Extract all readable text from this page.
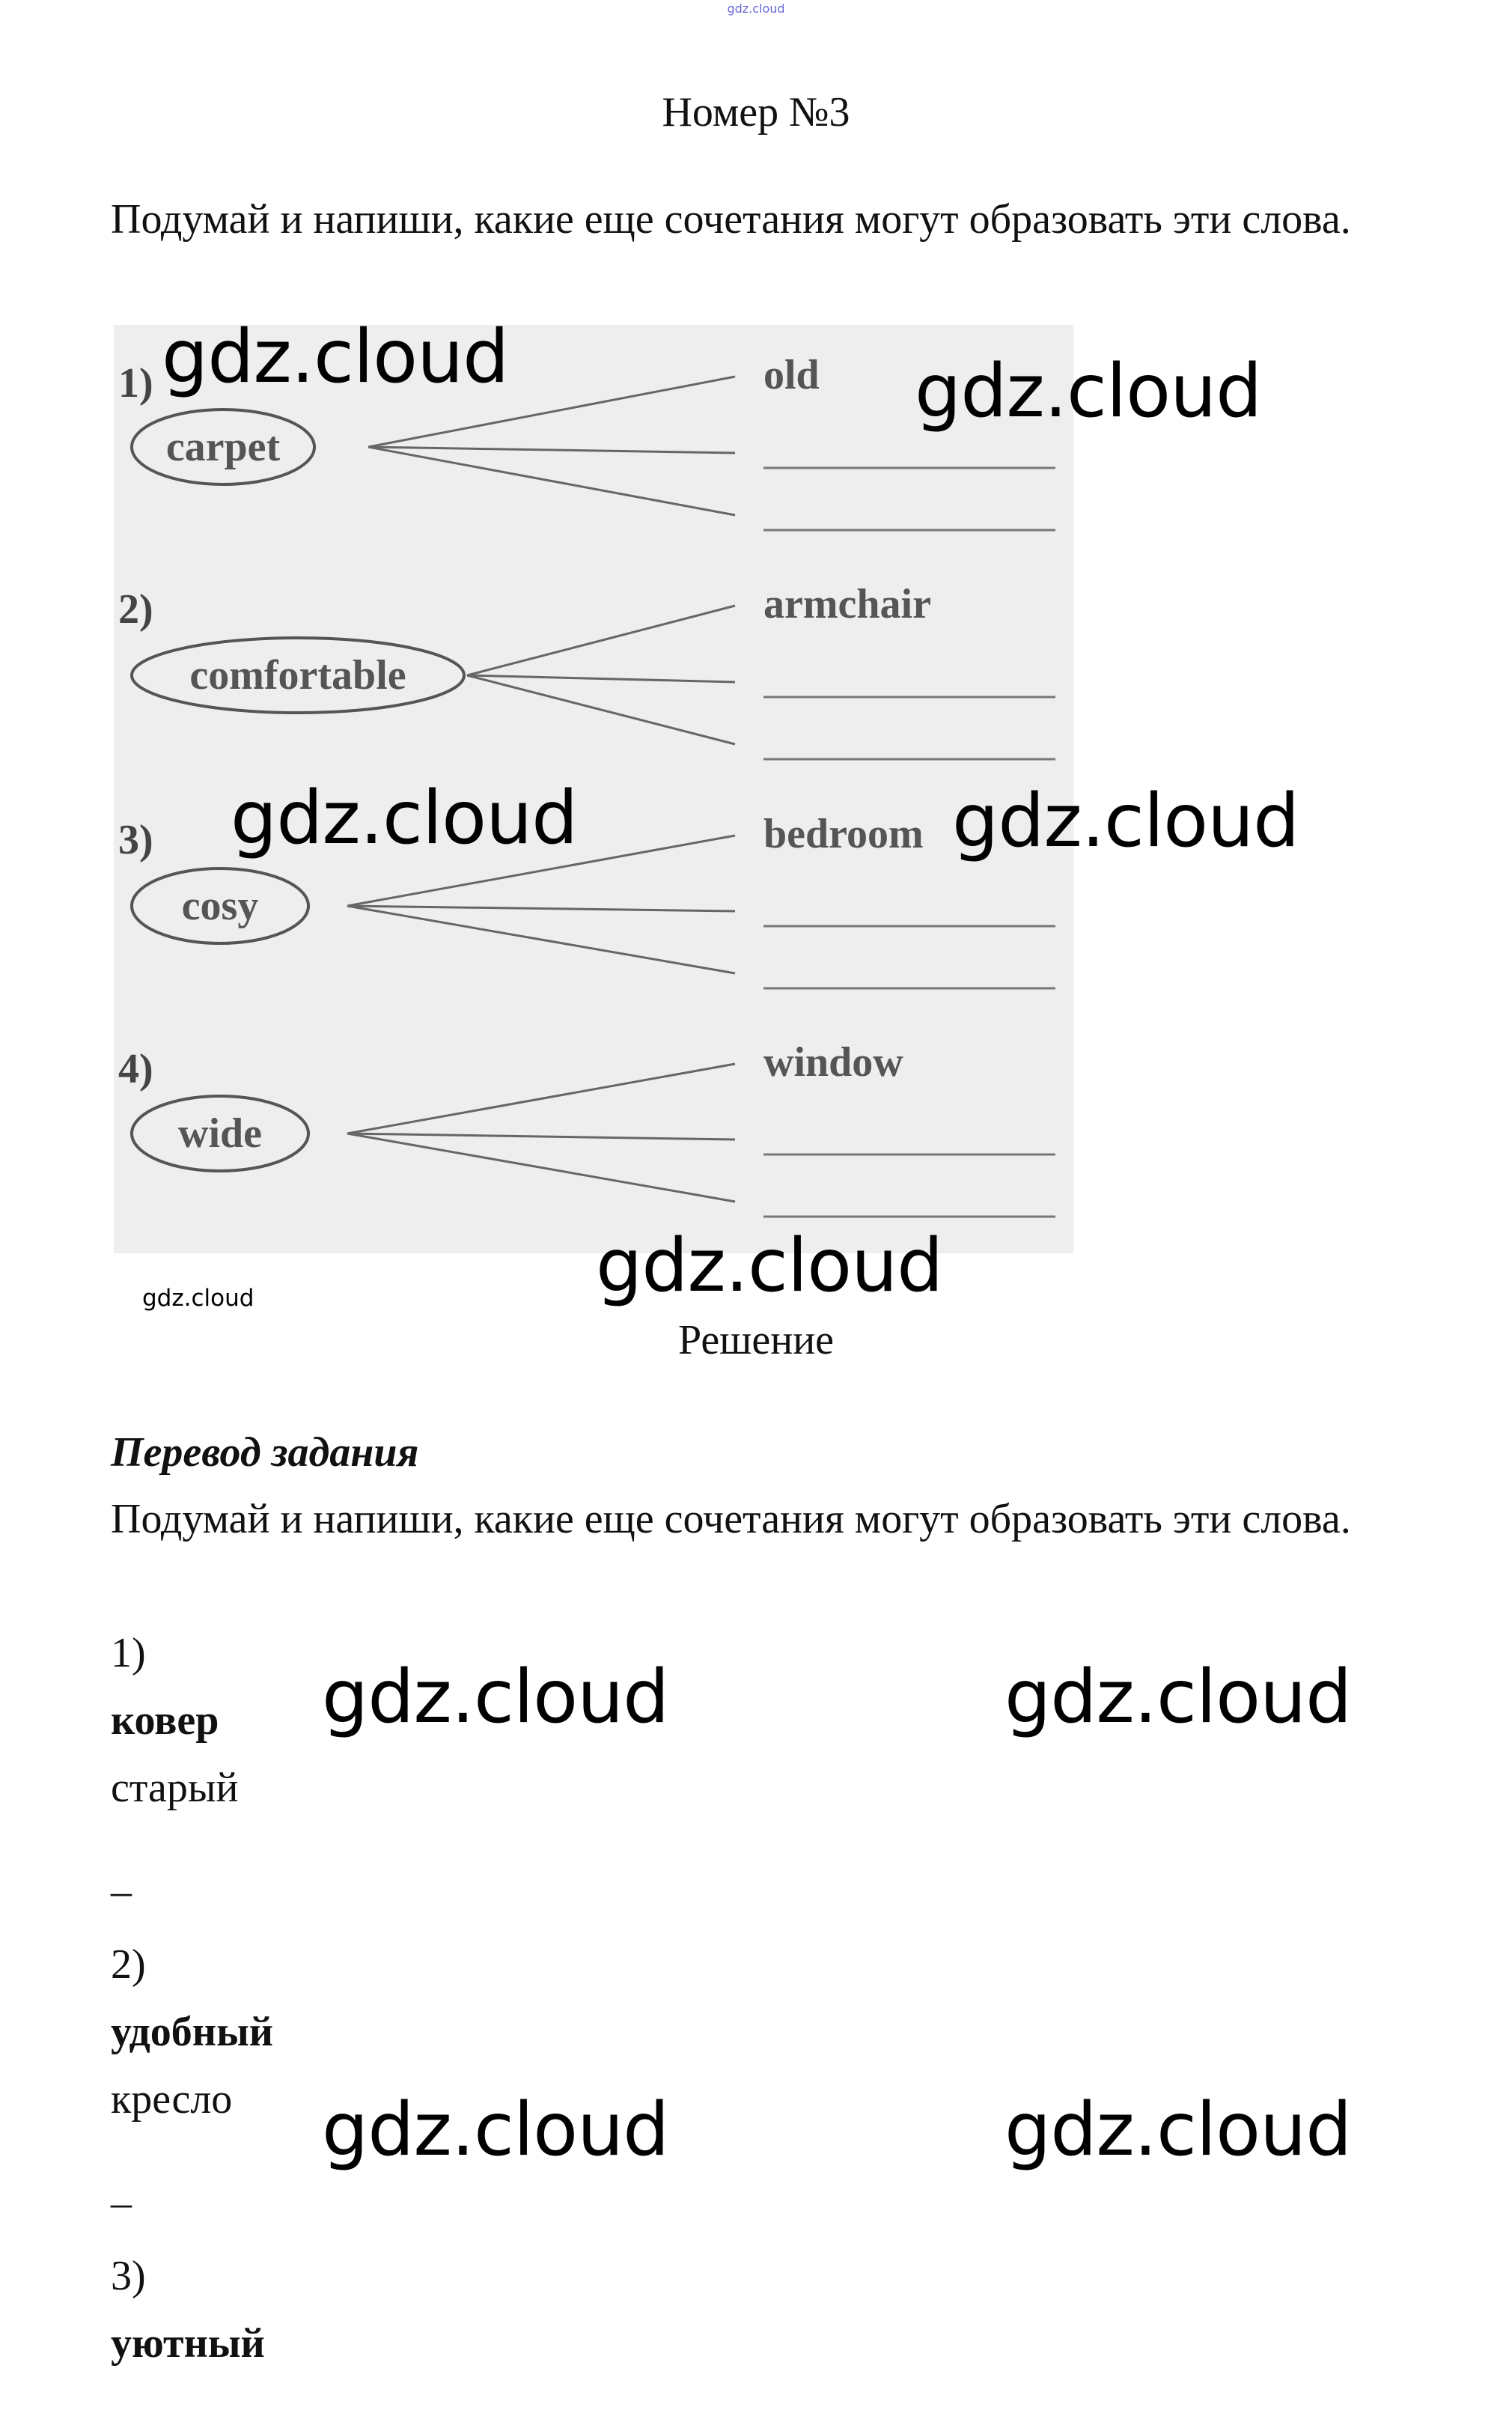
gdz.cloud
Номер №3
Подумай и напиши, какие еще сочетания могут образовать эти слова.
1)
carpet
old
2)
comfortable
armchair
3)
cosy
bedroom
4)
wide
window
gdz.cloud	gdz.cloud
gdz.cloud	gdz.cloud
gdz.cloud
gdz.cloud
Решение
Перевод задания
Подумай и напиши, какие еще сочетания могут образовать эти слова.
1)
ковер
старый
–
2)
удобный
кресло
–
3)
уютный
gdz.cloud	gdz.cloud
gdz.cloud	gdz.cloud
